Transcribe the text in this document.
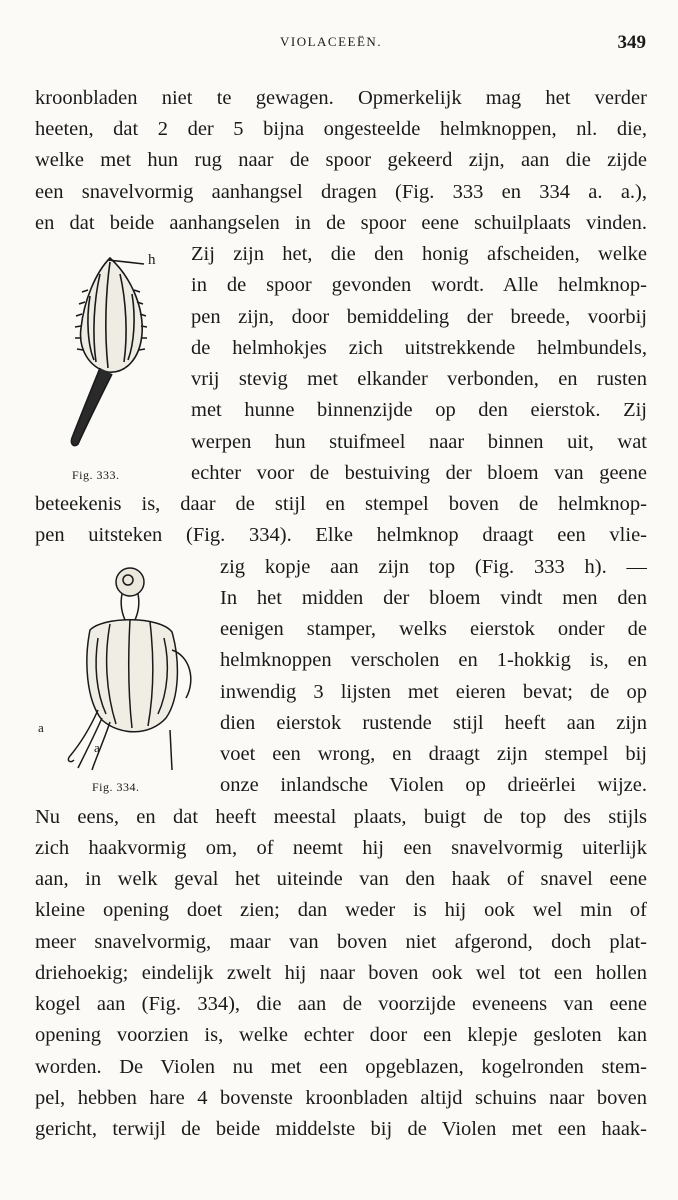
VIOLACEEËN.	349
kroonbladen niet te gewagen. Opmerkelijk mag het verder
heeten, dat 2 der 5 bijna ongesteelde helmknoppen, nl. die,
welke met hun rug naar de spoor gekeerd zijn, aan die zijde
een snavelvormig aanhangsel dragen (Fig. 333 en 334 a. a.),
en dat beide aanhangselen in de spoor eene schuilplaats vinden.
Zij zijn het, die den honig afscheiden, welke
in de spoor gevonden wordt. Alle helmknop-
pen zijn, door bemiddeling der breede, voorbij
de helmhokjes zich uitstrekkende helmbundels,
vrij stevig met elkander verbonden, en rusten
met hunne binnenzijde op den eierstok. Zij
werpen hun stuifmeel naar binnen uit, wat
echter voor de bestuiving der bloem van geene
beteekenis is, daar de stijl en stempel boven de helmknop-
pen uitsteken (Fig. 334). Elke helmknop draagt een vlie-
zig kopje aan zijn top (Fig. 333 h). —
In het midden der bloem vindt men den
eenigen stamper, welks eierstok onder de
helmknoppen verscholen en 1-hokkig is, en
inwendig 3 lijsten met eieren bevat; de op
dien eierstok rustende stijl heeft aan zijn
voet een wrong, en draagt zijn stempel bij
onze inlandsche Violen op drieërlei wijze.
Nu eens, en dat heeft meestal plaats, buigt de top des stijls
zich haakvormig om, of neemt hij een snavelvormig uiterlijk
aan, in welk geval het uiteinde van den haak of snavel eene
kleine opening doet zien; dan weder is hij ook wel min of
meer snavelvormig, maar van boven niet afgerond, doch plat-
driehoekig; eindelijk zwelt hij naar boven ook wel tot een hollen
kogel aan (Fig. 334), die aan de voorzijde eveneens van eene
opening voorzien is, welke echter door een klepje gesloten kan
worden. De Violen nu met een opgeblazen, kogelronden stem-
pel, hebben hare 4 bovenste kroonbladen altijd schuins naar boven
gericht, terwijl de beide middelste bij de Violen met een haak-
h
Fig. 333.
a
a
Fig. 334.
